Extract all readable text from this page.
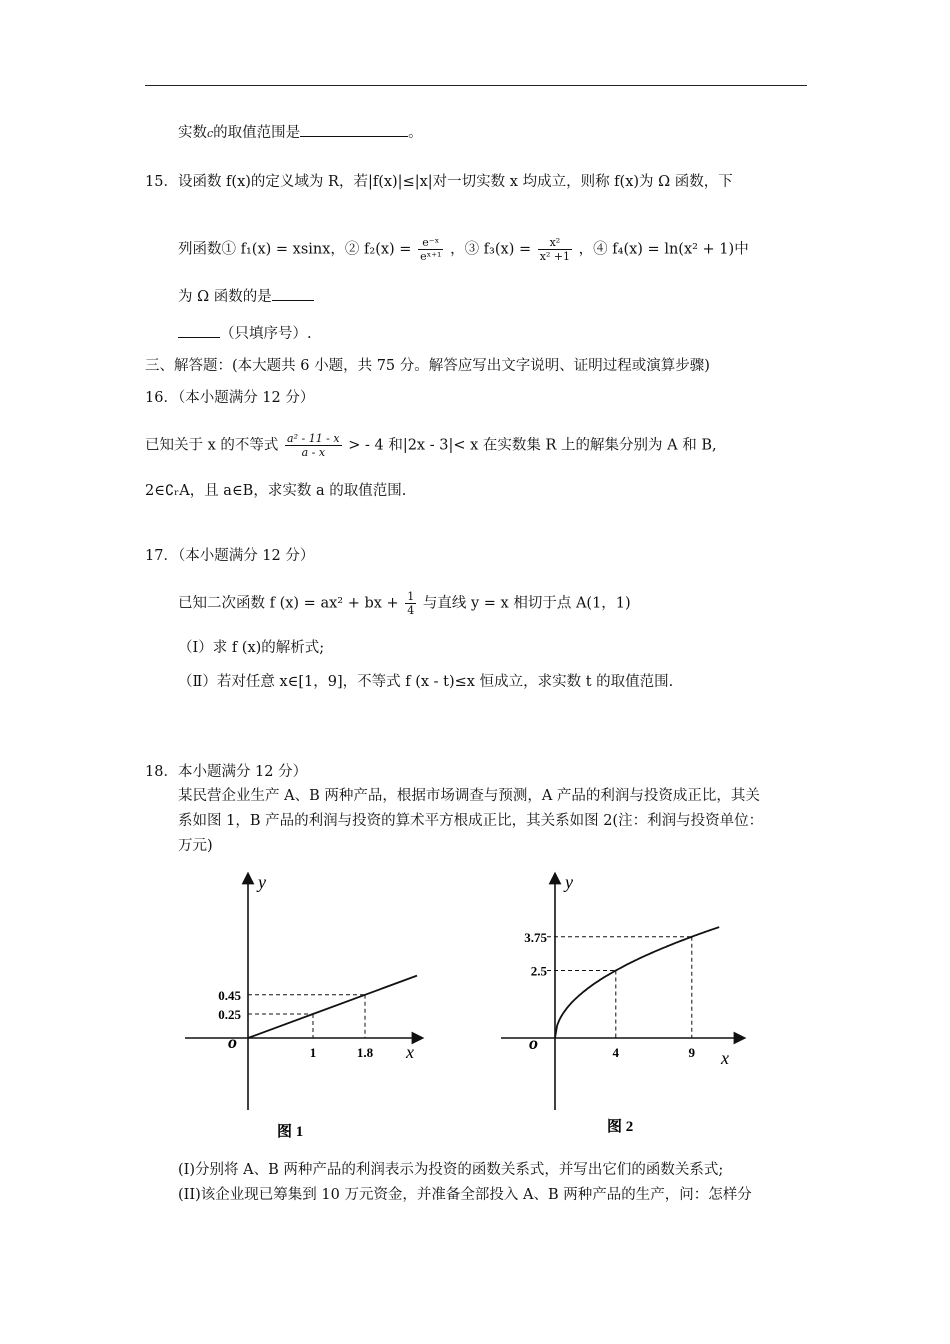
实数c的取值范围是	。
15．设函数 f(x)的定义域为 R，若|f(x)|≤|x|对一切实数 x 均成立，则称 f(x)为 Ω 函数，下
列函数① f₁(x) = xsinx，② $f_2(x) = \frac{\text{e⁻ˣ}}{\text{eˣ⁺¹}}$ ，③ $f_3(x) = \frac{\text{x²}}{\text{x² +1}}$ ，④ f₄(x) = ln(x² + 1)中
为 Ω 函数的是
（只填序号）.
三、解答题：(本大题共 6 小题，共 75 分。解答应写出文字说明、证明过程或演算步骤)
16．（本小题满分 12 分）
已知关于 x 的不等式 $\frac{\text{a² - 11 - x}}{a - x}$ > - 4 和|2x - 3|< x 在实数集 R 上的解集分别为 A 和 B,
2∈∁ᵣA，且 a∈B，求实数 a 的取值范围.
17．（本小题满分 12 分）
已知二次函数 f (x) = ax² + bx + $\frac{1}{4}$ 与直线 y = x 相切于点 A(1，1)
（Ⅰ）求 f (x)的解析式;
（Ⅱ）若对任意 x∈[1，9]，不等式 f (x - t)≤x 恒成立，求实数 t 的取值范围.
18．本小题满分 12 分）
某民营企业生产 A、B 两种产品，根据市场调查与预测，A 产品的利润与投资成正比，其关
系如图 1，B 产品的利润与投资的算术平方根成正比，其关系如图 2(注：利润与投资单位：
万元)
1
0.25
1.8
0.45
y
x
o
图 1
4
2.5
9
3.75
y
x
o
图 2
(I)分别将 A、B 两种产品的利润表示为投资的函数关系式，并写出它们的函数关系式;
(II)该企业现已筹集到 10 万元资金，并准备全部投入 A、B 两种产品的生产，问：怎样分
